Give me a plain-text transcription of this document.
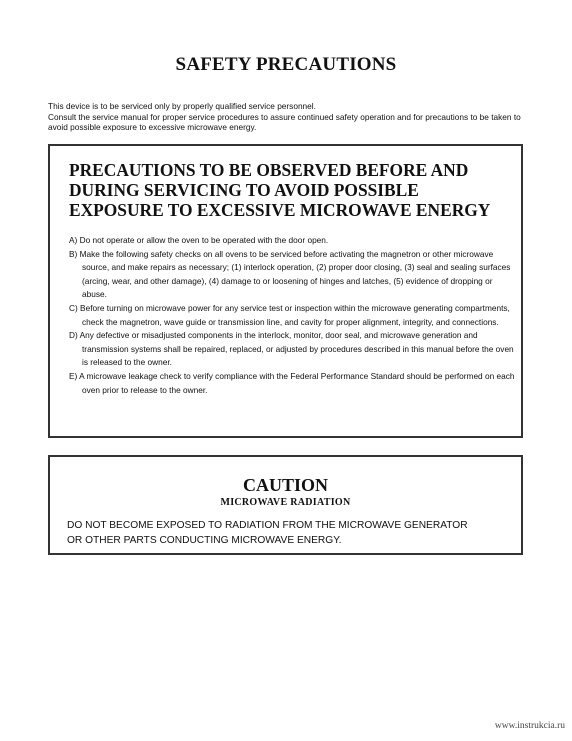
SAFETY PRECAUTIONS

This device is to be serviced only by properly qualified service personnel.

Consult the service manual for proper service procedures to assure continued safety operation and for precautions to be taken to avoid possible exposure to excessive microwave energy.

PRECAUTIONS TO BE OBSERVED BEFORE AND
DURING SERVICING TO AVOID POSSIBLE
EXPOSURE TO EXCESSIVE MICROWAVE ENERGY
A) Do not operate or allow the oven to be operated with the door open.
B) Make the following safety checks on all ovens to be serviced before activating the magnetron or other microwave source, and make repairs as necessary; (1) interlock operation, (2) proper door closing, (3) seal and sealing surfaces (arcing, wear, and other damage), (4) damage to or loosening of hinges and latches, (5) evidence of dropping or abuse.
C) Before turning on microwave power for any service test or inspection within the microwave generating compartments, check the magnetron, wave guide or transmission line, and cavity for proper alignment, integrity, and connections.
D) Any defective or misadjusted components in the interlock, monitor, door seal, and microwave generation and transmission systems shall be repaired, replaced, or adjusted by procedures described in this manual before the oven is released to the owner.
E) A microwave leakage check to verify compliance with the Federal Performance Standard should be performed on each oven prior to release to the owner.
CAUTION
MICROWAVE RADIATION
DO NOT BECOME EXPOSED TO RADIATION FROM THE MICROWAVE GENERATOR
OR OTHER PARTS CONDUCTING MICROWAVE ENERGY.
www.instrukcia.ru
